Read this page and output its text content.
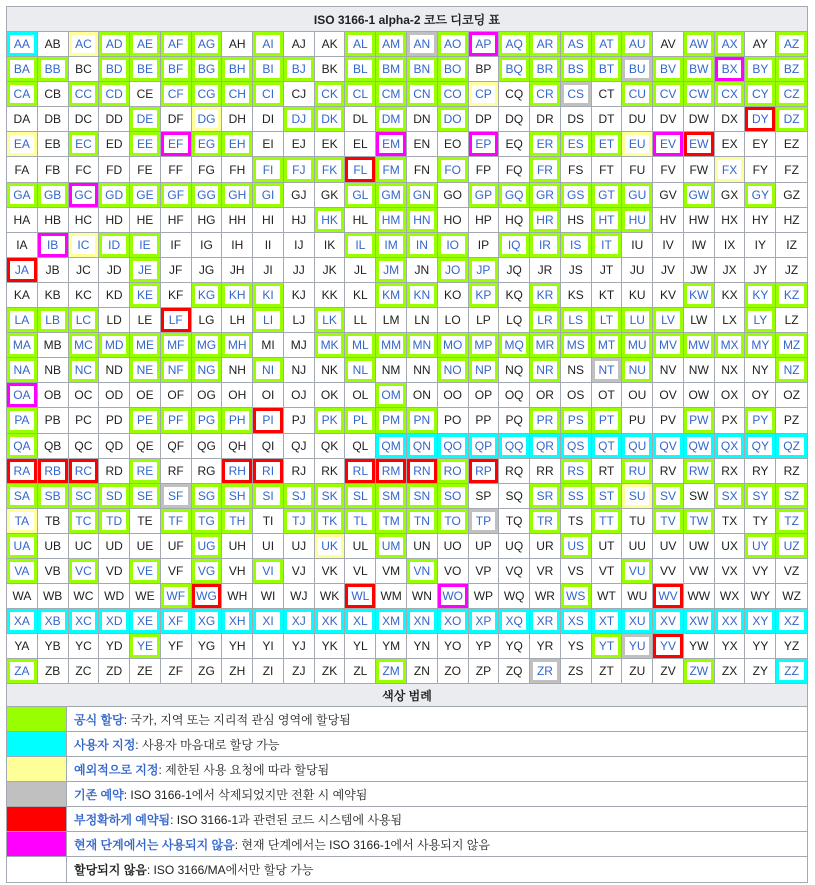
ISO 3166-1 alpha-2 코드 디코딩 표
AA	AB	AC AD	AE	AF	AG AH	AI	AJ	AK	AL	AM AN AO	AP	AQ AR	AS	AT	AU	AV	AW	AX	AY	AZ
BA	BB	BC BD	BE	BF	BG BH	BI	BJ	BK	BL	BM BN BO	BP	BQ BR	BS	BT	BU	BV	BW	BX	BY	BZ
CA CB CC CD CE	CF	CG CH	CI	CJ	CK	CL	CM CN CO CP CQ CR CS	CT	CU CV CW CX CY	CZ
DA DB DC DD DE	DF	DG DH	DI	DJ	DK	DL	DM DN DO DP DQ DR DS	DT	DU DV DW DX DY	DZ
EA	EB	EC ED	EE	EF	EG EH	EI	EJ	EK	EL	EM EN EO	EP	EQ ER	ES	ET	EU	EV	EW	EX	EY	EZ
FA	FB	FC	FD	FE	FF	FG	FH	FI	FJ	FK	FL	FM	FN	FO	FP	FQ	FR	FS	FT	FU	FV	FW	FX	FY	FZ
GA GB GC GD GE GF GG GH	GI	GJ	GK	GL	GM GN GO GP GQ GR GS GT GU GV GW GX GY	GZ
HA HB HC HD HE	HF	HG HH	HI	HJ	HK	HL	HM HN HO HP HQ HR HS	HT	HU HV HW HX HY	HZ
IA	IB	IC	ID	IE	IF	IG	IH	II	IJ	IK	IL	IM	IN	IO	IP	IQ	IR	IS	IT	IU	IV	IW	IX	IY	IZ
JA	JB	JC	JD	JE	JF	JG	JH	JI	JJ	JK	JL	JM	JN	JO	JP	JQ	JR	JS	JT	JU	JV	JW	JX	JY	JZ
KA	KB	KC KD	KE	KF	KG KH	KI	KJ	KK	KL	KM KN KO	KP	KQ KR	KS	KT	KU	KV	KW	KX	KY	KZ
LA	LB	LC	LD	LE	LF	LG	LH	LI	LJ	LK	LL	LM	LN	LO	LP	LQ	LR	LS	LT	LU	LV	LW	LX	LY	LZ
MA MB MC MD ME MF MG MH	MI	MJ	MK ML MM MN MO MP MQ MR MS MT MU MV MW MX MY	MZ
NA NB NC ND NE	NF	NG NH	NI	NJ	NK	NL	NM NN NO NP NQ NR NS	NT	NU NV NW NX NY	NZ
OA OB OC OD OE OF OG OH	OI	OJ	OK	OL	OM ON OO OP OQ OR OS OT OU OV OW OX OY	OZ
PA	PB	PC PD	PE	PF	PG PH	PI	PJ	PK	PL	PM PN PO	PP	PQ PR	PS	PT	PU	PV	PW	PX	PY	PZ
QA QB QC QD QE QF QG QH	QI	QJ	QK	QL	QM QN QO QP QQ QR QS QT QU QV QW QX QY	QZ
RA RB RC RD RE	RF	RG RH	RI	RJ	RK	RL	RM RN RO RP RQ RR RS	RT	RU	RV	RW RX	RY	RZ
SA	SB	SC SD	SE	SF	SG SH	SI	SJ	SK	SL	SM SN SO	SP	SQ SR	SS	ST	SU	SV	SW	SX	SY	SZ
TA	TB	TC	TD	TE	TF	TG	TH	TI	TJ	TK	TL	TM	TN	TO	TP	TQ	TR	TS	TT	TU	TV	TW	TX	TY	TZ
UA UB UC UD UE	UF	UG UH	UI	UJ	UK	UL	UM UN UO UP UQ UR US	UT	UU UV UW UX UY	UZ
VA	VB	VC VD	VE	VF	VG VH	VI	VJ	VK	VL	VM VN VO	VP	VQ VR	VS	VT	VU	VV	VW	VX	VY	VZ
WA WB WC WD WE WF WG WH	WI	WJ WK WL WM WN WO WP WQ WR WS WT WU WV WW WX WY WZ
XA	XB	XC XD	XE	XF	XG XH	XI	XJ	XK	XL	XM XN XO	XP	XQ XR	XS	XT	XU	XV	XW	XX	XY	XZ
YA	YB	YC YD	YE	YF	YG YH	YI	YJ	YK	YL	YM YN YO	YP	YQ YR	YS	YT	YU	YV	YW	YX	YY	YZ
ZA	ZB	ZC	ZD	ZE	ZF	ZG	ZH	ZI	ZJ	ZK	ZL	ZM	ZN	ZO	ZP	ZQ	ZR	ZS	ZT	ZU	ZV	ZW	ZX	ZY	ZZ
색상 범례
공식 할당 : 국가, 지역 또는 지리적 관심 영역에 할당됨
사용자 지정 : 사용자 마음대로 할당 가능
예외적으로 지정 : 제한된 사용 요청에 따라 할당됨
기존 예약 : ISO 3166-1에서 삭제되었지만 전환 시 예약됨
부정확하게 예약됨 : ISO 3166-1과 관련된 코드 시스템에 사용됨
현재 단계에서는 사용되지 않음 : 현재 단계에서는 ISO 3166-1에서 사용되지 않음
할당되지 않음 : ISO 3166/MA에서만 할당 가능
